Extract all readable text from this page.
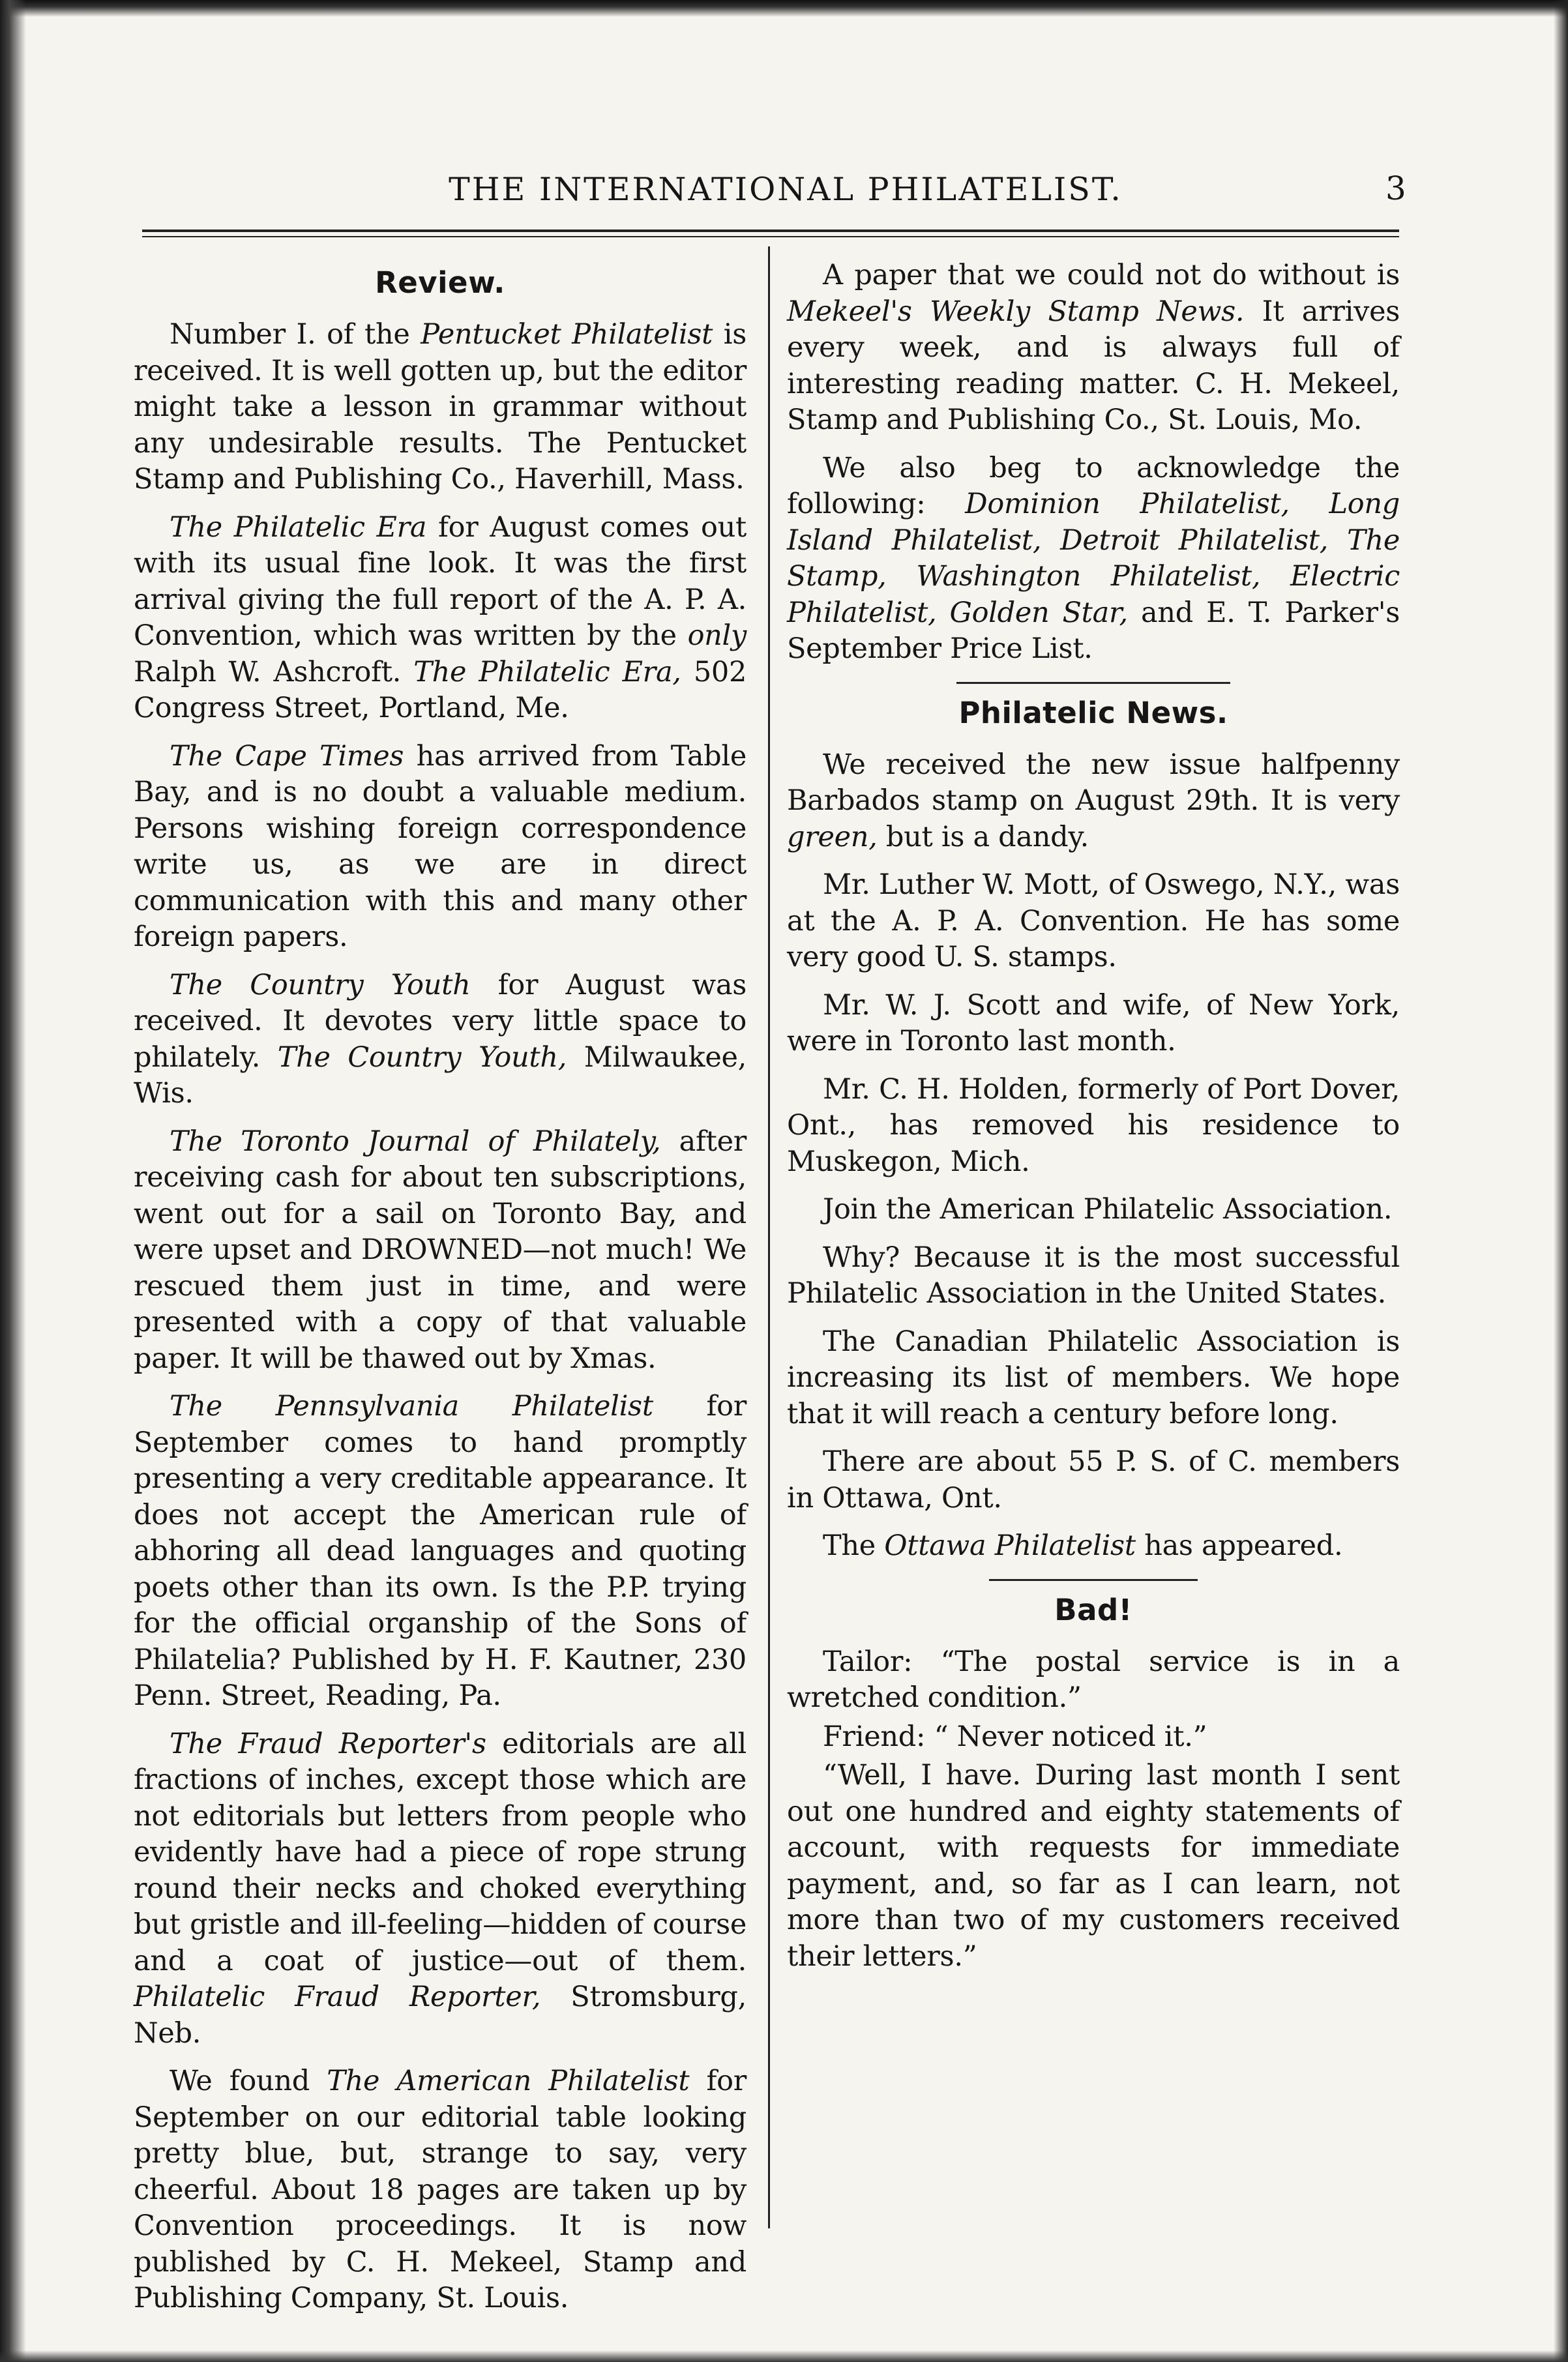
THE INTERNATIONAL PHILATELIST.	3
Review.

Number I. of the Pentucket Philatelist is received. It is well gotten up, but the editor might take a lesson in grammar without any undesirable results. The Pentucket Stamp and Publishing Co., Haverhill, Mass.

The Philatelic Era for August comes out with its usual fine look. It was the first arrival giving the full report of the A. P. A. Convention, which was written by the only Ralph W. Ashcroft. The Philatelic Era, 502 Congress Street, Portland, Me.

The Cape Times has arrived from Table Bay, and is no doubt a valuable medium. Persons wishing foreign correspondence write us, as we are in direct communication with this and many other foreign papers.

The Country Youth for August was received. It devotes very little space to philately. The Country Youth, Milwaukee, Wis.

The Toronto Journal of Philately, after receiving cash for about ten subscriptions, went out for a sail on Toronto Bay, and were upset and DROWNED—not much! We rescued them just in time, and were presented with a copy of that valuable paper. It will be thawed out by Xmas.

The Pennsylvania Philatelist for September comes to hand promptly presenting a very creditable appearance. It does not accept the American rule of abhoring all dead languages and quoting poets other than its own. Is the P.P. trying for the official organship of the Sons of Philatelia? Published by H. F. Kautner, 230 Penn. Street, Reading, Pa.

The Fraud Reporter's editorials are all fractions of inches, except those which are not editorials but letters from people who evidently have had a piece of rope strung round their necks and choked everything but gristle and ill-feeling—hidden of course and a coat of justice—out of them. Philatelic Fraud Reporter, Stromsburg, Neb.

We found The American Philatelist for September on our editorial table looking pretty blue, but, strange to say, very cheerful. About 18 pages are taken up by Convention proceedings. It is now published by C. H. Mekeel, Stamp and Publishing Company, St. Louis.

A paper that we could not do without is Mekeel's Weekly Stamp News. It arrives every week, and is always full of interesting reading matter. C. H. Mekeel, Stamp and Publishing Co., St. Louis, Mo.

We also beg to acknowledge the following: Dominion Philatelist, Long Island Philatelist, Detroit Philatelist, The Stamp, Washington Philatelist, Electric Philatelist, Golden Star, and E. T. Parker's September Price List.

Philatelic News.

We received the new issue halfpenny Barbados stamp on August 29th. It is very green, but is a dandy.

Mr. Luther W. Mott, of Oswego, N.Y., was at the A. P. A. Convention. He has some very good U. S. stamps.

Mr. W. J. Scott and wife, of New York, were in Toronto last month.

Mr. C. H. Holden, formerly of Port Dover, Ont., has removed his residence to Muskegon, Mich.

Join the American Philatelic Association.

Why? Because it is the most successful Philatelic Association in the United States.

The Canadian Philatelic Association is increasing its list of members. We hope that it will reach a century before long.

There are about 55 P. S. of C. members in Ottawa, Ont.

The Ottawa Philatelist has appeared.

Bad!

Tailor: “The postal service is in a wretched condition.”

Friend: “ Never noticed it.”

“Well, I have. During last month I sent out one hundred and eighty statements of account, with requests for immediate payment, and, so far as I can learn, not more than two of my customers received their letters.”
